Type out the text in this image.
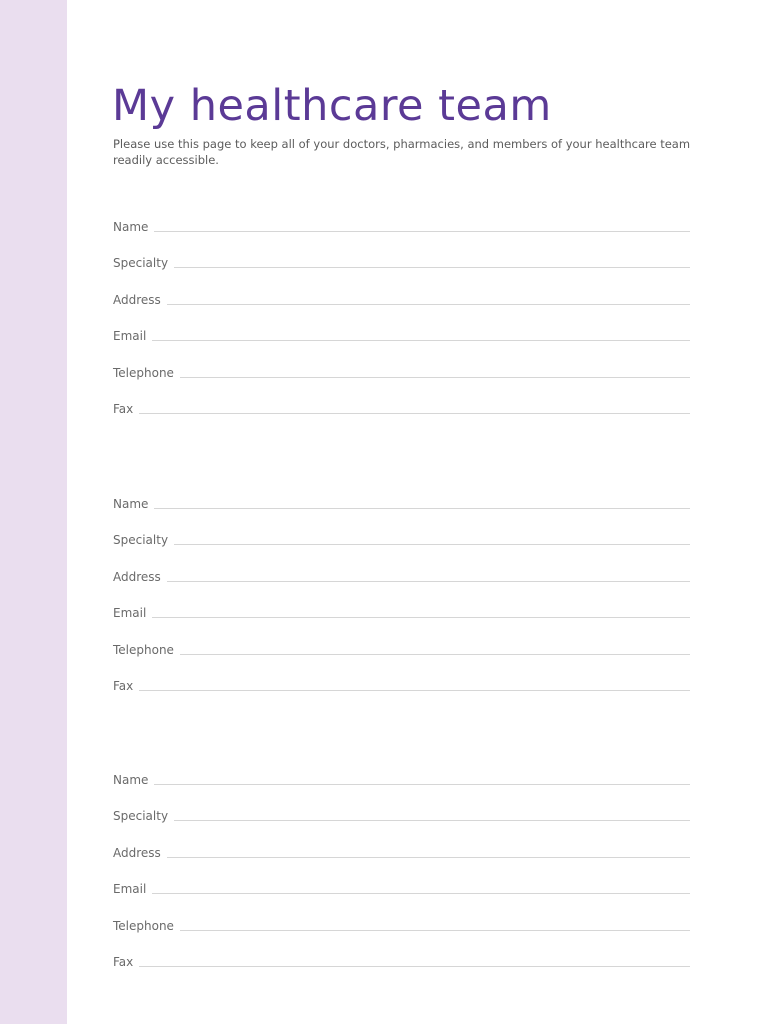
My healthcare team

Please use this page to keep all of your doctors, pharmacies, and members of your healthcare team readily accessible.

Name
Specialty
Address
Email
Telephone
Fax
Name
Specialty
Address
Email
Telephone
Fax
Name
Specialty
Address
Email
Telephone
Fax
